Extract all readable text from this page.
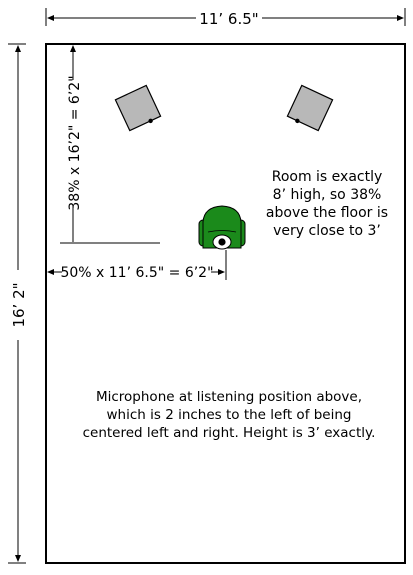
11’ 6.5"
16’ 2"
38% x 16’2" = 6’2"
50% x 11’ 6.5" = 6’2"
Room is exactly
8’ high, so 38%
above the floor is
very close to 3’
Microphone at listening position above,
which is 2 inches to the left of being
centered left and right. Height is 3’ exactly.
